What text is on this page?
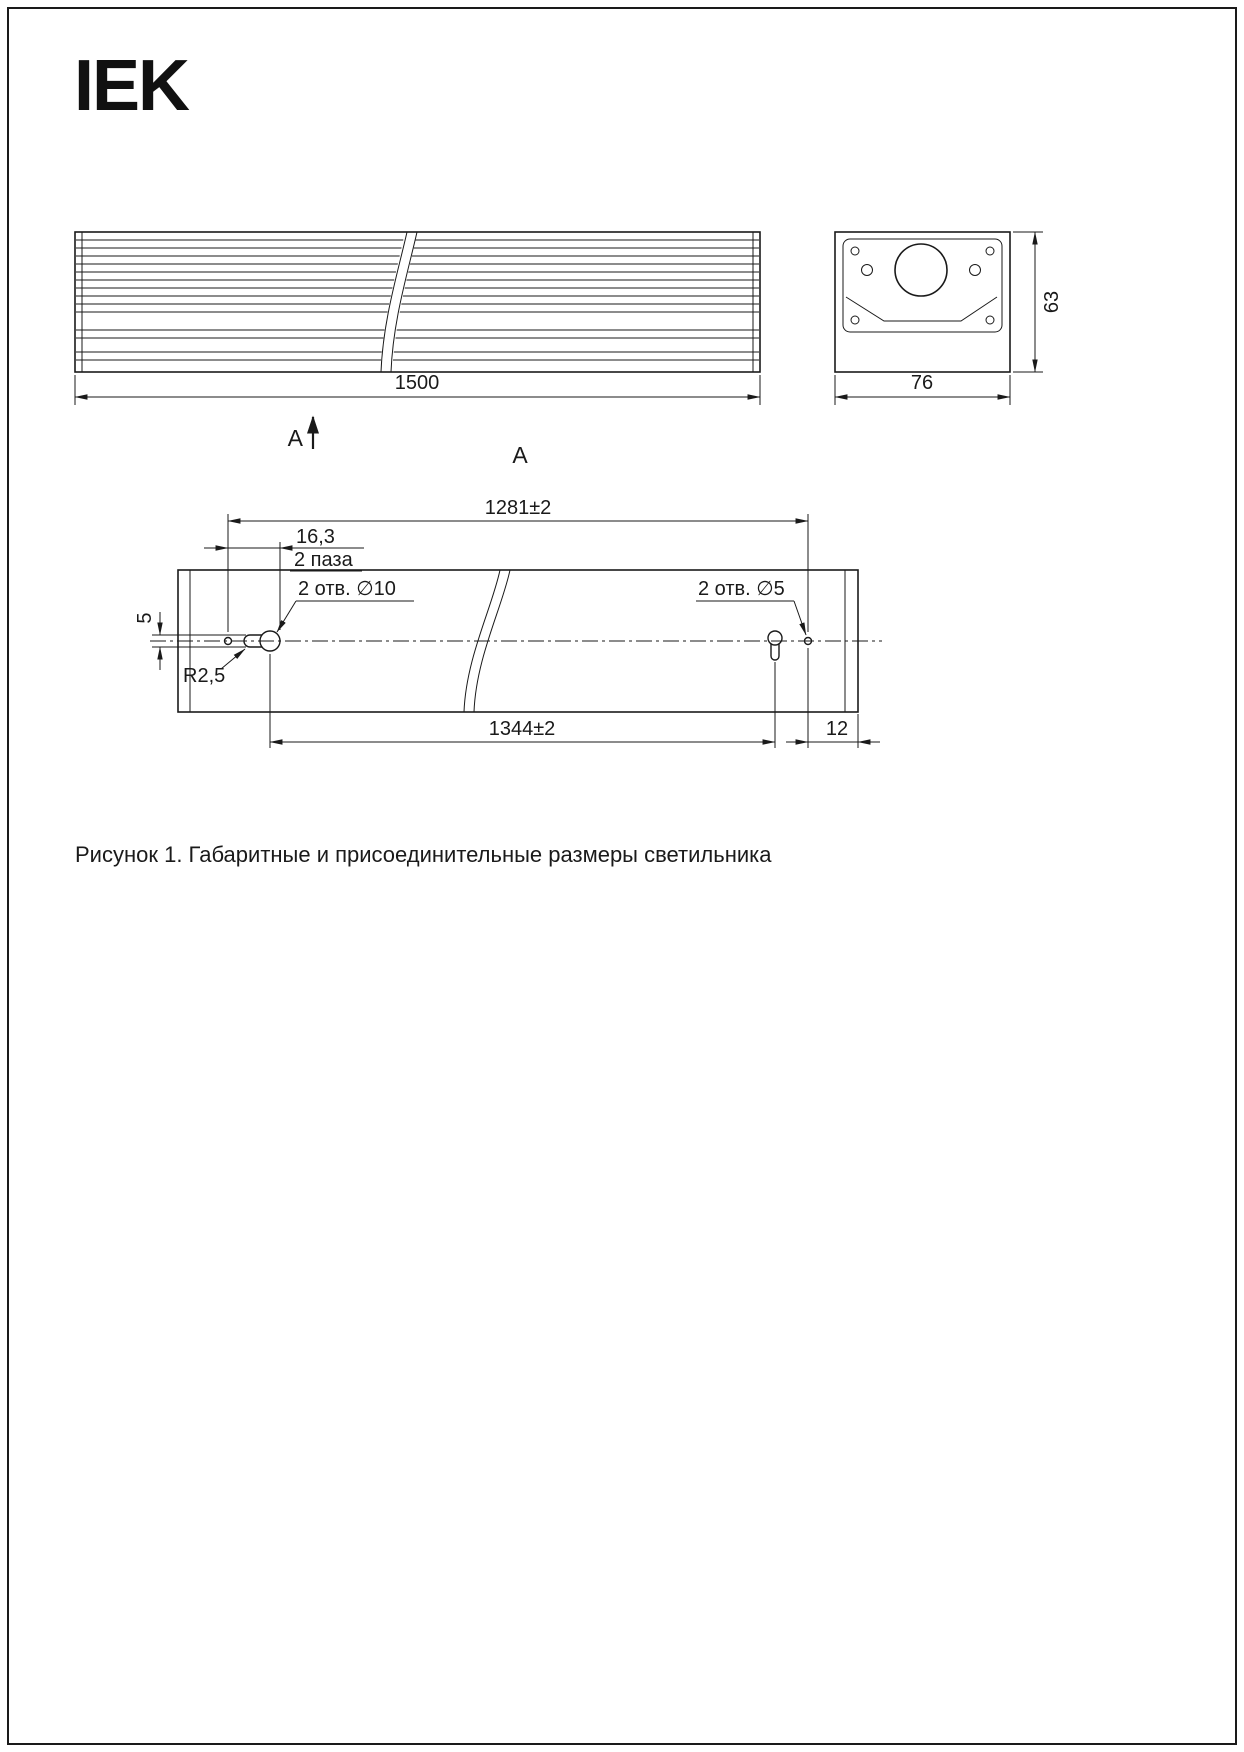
IEK
1500
A
63
76
A
1281±2
16,3
2 паза
2 отв. ∅10	2 отв. ∅5
5
R2,5
1344±2	12
Рисунок 1. Габаритные и присоединительные размеры светильника
